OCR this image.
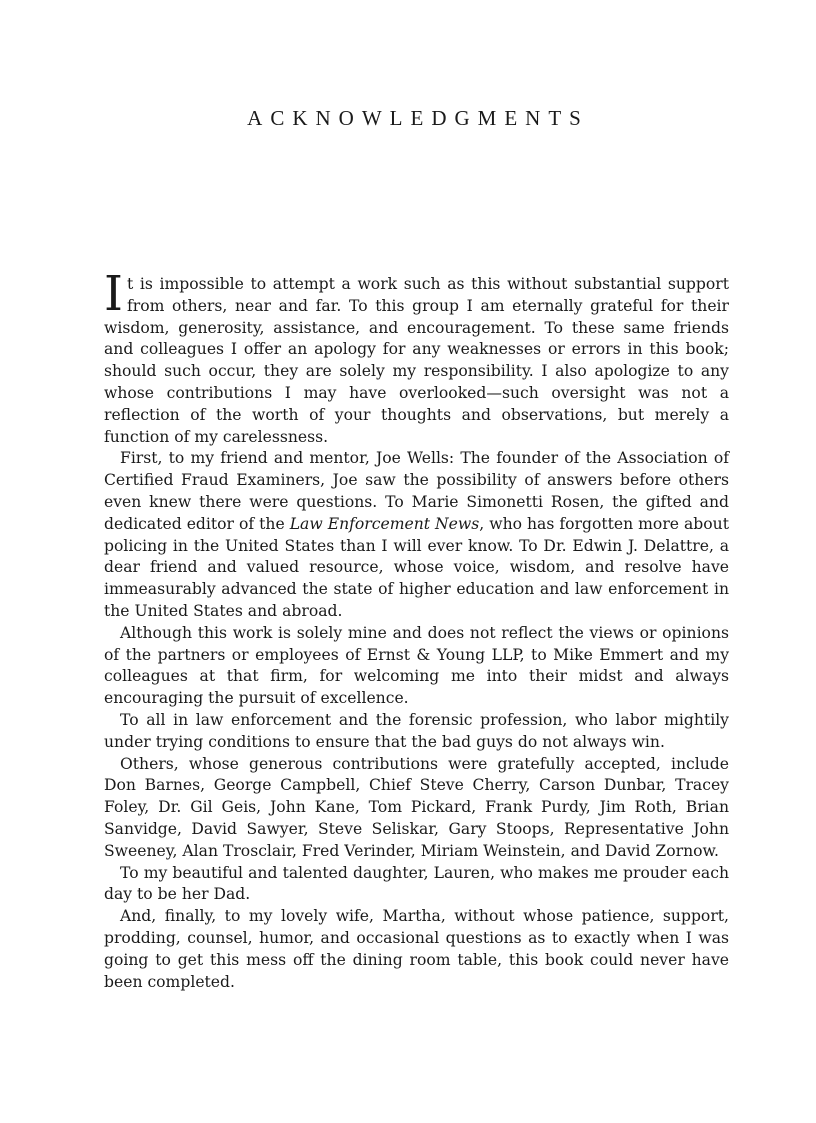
ACKNOWLEDGMENTS

It is impossible to attempt a work such as this without substantial support from others, near and far. To this group I am eternally grateful for their wisdom, generosity, assistance, and encouragement. To these same friends and colleagues I offer an apology for any weaknesses or errors in this book; should such occur, they are solely my responsibility. I also apologize to any whose contributions I may have overlooked—such oversight was not a reflection of the worth of your thoughts and observations, but merely a function of my carelessness.

First, to my friend and mentor, Joe Wells: The founder of the Association of Certified Fraud Examiners, Joe saw the possibility of answers before others even knew there were questions. To Marie Simonetti Rosen, the gifted and dedicated editor of the Law Enforcement News, who has forgotten more about policing in the United States than I will ever know. To Dr. Edwin J. Delattre, a dear friend and valued resource, whose voice, wisdom, and resolve have immeasurably advanced the state of higher education and law enforcement in the United States and abroad.

Although this work is solely mine and does not reflect the views or opinions of the partners or employees of Ernst & Young LLP, to Mike Emmert and my colleagues at that firm, for welcoming me into their midst and always encouraging the pursuit of excellence.

To all in law enforcement and the forensic profession, who labor mightily under trying conditions to ensure that the bad guys do not always win.

Others, whose generous contributions were gratefully accepted, include Don Barnes, George Campbell, Chief Steve Cherry, Carson Dunbar, Tracey Foley, Dr. Gil Geis, John Kane, Tom Pickard, Frank Purdy, Jim Roth, Brian Sanvidge, David Sawyer, Steve Seliskar, Gary Stoops, Representative John Sweeney, Alan Trosclair, Fred Verinder, Miriam Weinstein, and David Zornow.

To my beautiful and talented daughter, Lauren, who makes me prouder each day to be her Dad.

And, finally, to my lovely wife, Martha, without whose patience, support, prodding, counsel, humor, and occasional questions as to exactly when I was going to get this mess off the dining room table, this book could never have been completed.
